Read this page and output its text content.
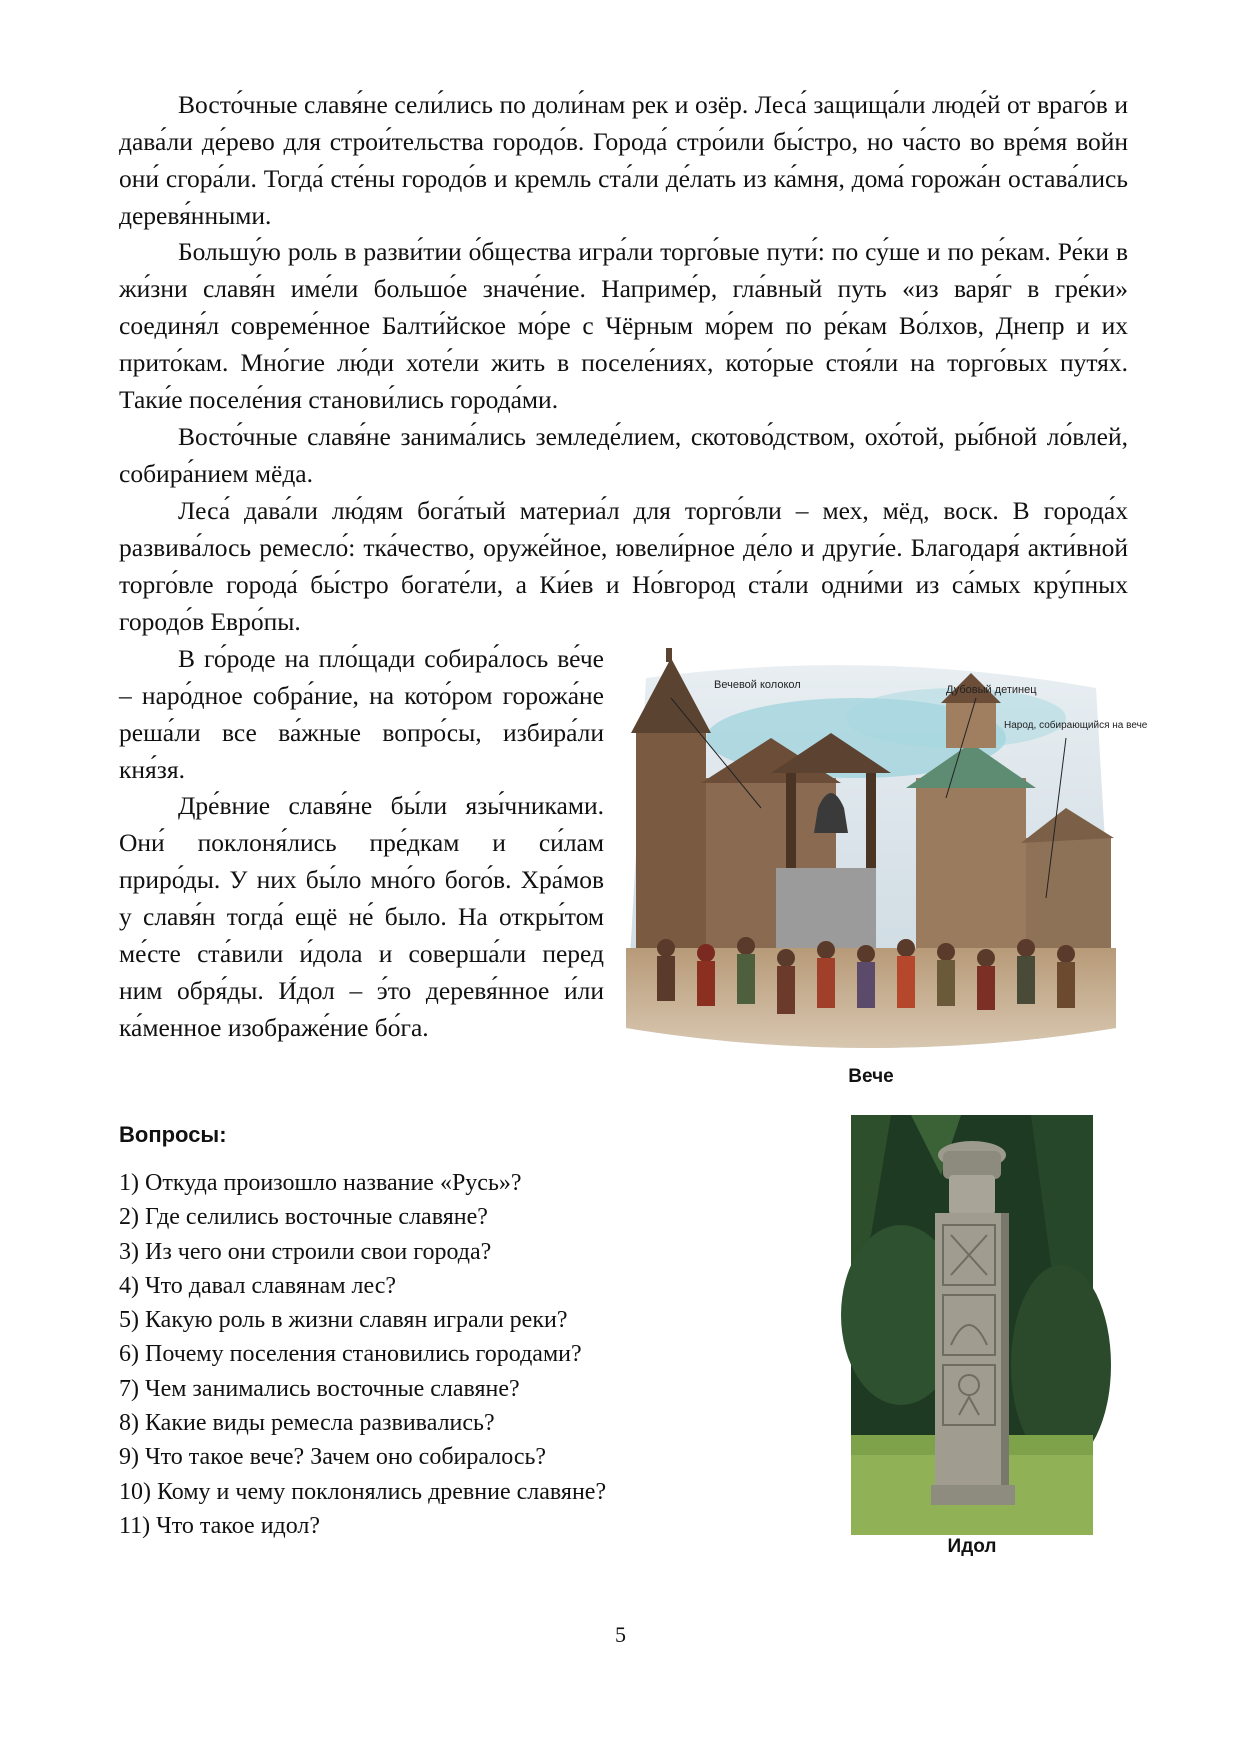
Восто́чные славя́не сели́лись по доли́нам рек и озёр. Леса́ защища́ли люде́й от враго́в и дава́ли де́рево для строи́тельства городо́в. Города́ стро́или бы́стро, но ча́сто во вре́мя войн они́ сгора́ли. Тогда́ сте́ны городо́в и кремль ста́ли де́лать из ка́мня, дома́ горожа́н остава́лись деревя́нными.

Большу́ю роль в разви́тии о́бщества игра́ли торго́вые пути́: по су́ше и по ре́кам. Ре́ки в жи́зни славя́н име́ли большо́е значе́ние. Наприме́р, гла́вный путь «из варя́г в гре́ки» соединя́л совреме́нное Балти́йское мо́ре с Чёрным мо́рем по ре́кам Во́лхов, Днепр и их прито́кам. Мно́гие лю́ди хоте́ли жить в поселе́ниях, кото́рые стоя́ли на торго́вых путя́х. Таки́е поселе́ния станови́лись города́ми.

Восто́чные славя́не занима́лись земледе́лием, скотово́дством, охо́той, ры́бной ло́влей, собира́нием мёда.

Леса́ дава́ли лю́дям бога́тый материа́л для торго́вли – мех, мёд, воск. В города́х развива́лось ремесло́: тка́чество, оруже́йное, ювели́рное де́ло и други́е. Благодаря́ акти́вной торго́вле города́ бы́стро богате́ли, а Ки́ев и Но́вгород ста́ли одни́ми из са́мых кру́пных городо́в Евро́пы.

В го́роде на пло́щади собира́лось ве́че – наро́дное собра́ние, на кото́ром горожа́не реша́ли все ва́жные вопро́сы, избира́ли кня́зя.

Дре́вние славя́не бы́ли язы́чниками. Они́ поклоня́лись пре́дкам и си́лам приро́ды. У них бы́ло мно́го бого́в. Хра́мов у славя́н тогда́ ещё не́ было. На откры́том ме́сте ста́вили и́дола и соверша́ли перед ним обря́ды. И́дол – э́то деревя́нное и́ли ка́менное изображе́ние бо́га.

Вечевой колокол	Дубовый детинец
Народ, собирающийся на вече
Вече
Вопросы:
1) Откуда произошло название «Русь»?
2) Где селились восточные славяне?
3) Из чего они строили свои города?
4) Что давал славянам лес?
5) Какую роль в жизни славян играли реки?
6) Почему поселения становились городами?
7) Чем занимались восточные славяне?
8) Какие виды ремесла развивались?
9) Что такое вече? Зачем оно собиралось?
10) Кому и чему поклонялись древние славяне?
11) Что такое идол?
Идол
5
